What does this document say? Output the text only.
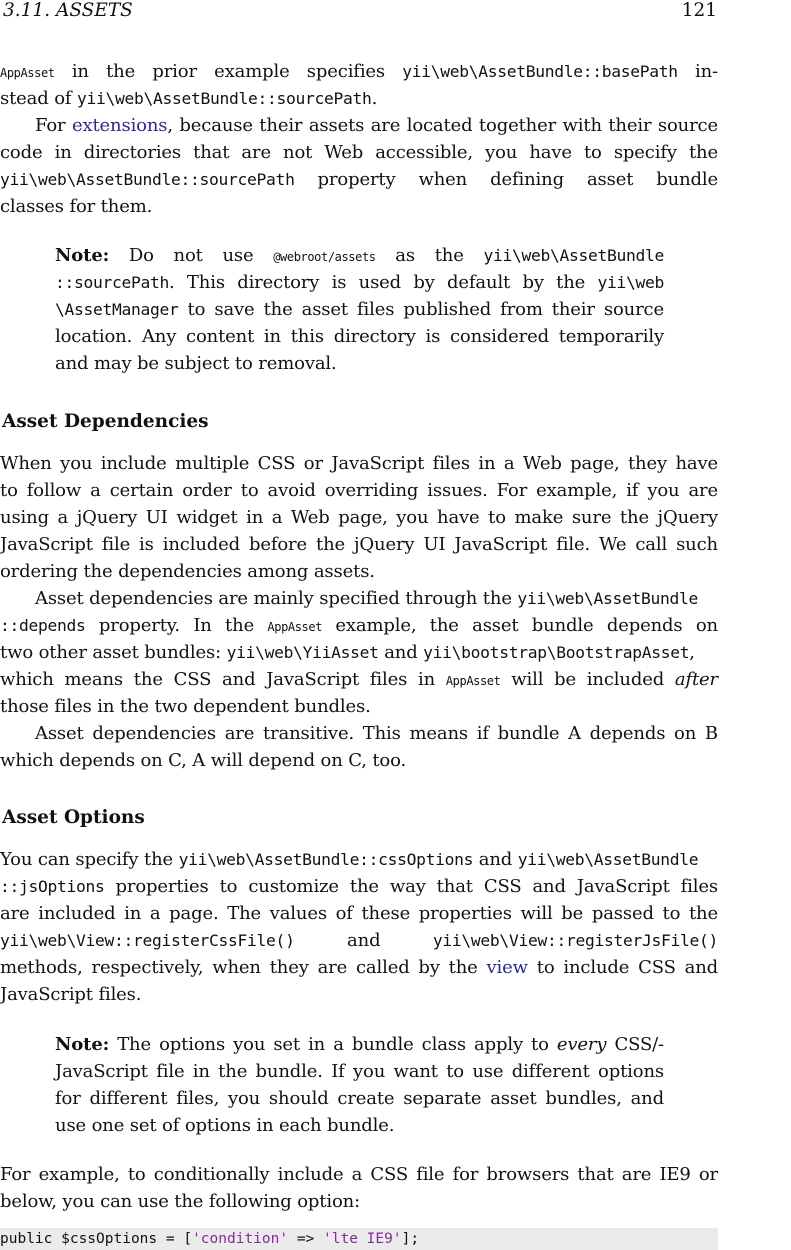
3.11. ASSETS	121
AppAsset in the prior example specifies yii\web\AssetBundle::basePath in-
stead of yii\web\AssetBundle::sourcePath.
For extensions, because their assets are located together with their source
code in directories that are not Web accessible, you have to specify the
yii\web\AssetBundle::sourcePath property when defining asset bundle
classes for them.
Note: Do not use @webroot/assets as the yii\web\AssetBundle
::sourcePath. This directory is used by default by the yii\web
\AssetManager to save the asset files published from their source
location. Any content in this directory is considered temporarily
and may be subject to removal.
Asset Dependencies
When you include multiple CSS or JavaScript files in a Web page, they have
to follow a certain order to avoid overriding issues. For example, if you are
using a jQuery UI widget in a Web page, you have to make sure the jQuery
JavaScript file is included before the jQuery UI JavaScript file. We call such
ordering the dependencies among assets.
Asset dependencies are mainly specified through the yii\web\AssetBundle
::depends property. In the AppAsset example, the asset bundle depends on
two other asset bundles: yii\web\YiiAsset and yii\bootstrap\BootstrapAsset,
which means the CSS and JavaScript files in AppAsset will be included after
those files in the two dependent bundles.
Asset dependencies are transitive. This means if bundle A depends on B
which depends on C, A will depend on C, too.
Asset Options
You can specify the yii\web\AssetBundle::cssOptions and yii\web\AssetBundle
::jsOptions properties to customize the way that CSS and JavaScript files
are included in a page. The values of these properties will be passed to the
yii\web\View::registerCssFile() and yii\web\View::registerJsFile()
methods, respectively, when they are called by the view to include CSS and
JavaScript files.
Note: The options you set in a bundle class apply to every CSS/-
JavaScript file in the bundle. If you want to use different options
for different files, you should create separate asset bundles, and
use one set of options in each bundle.
For example, to conditionally include a CSS file for browsers that are IE9 or
below, you can use the following option:
public $cssOptions = ['condition' => 'lte IE9'];
